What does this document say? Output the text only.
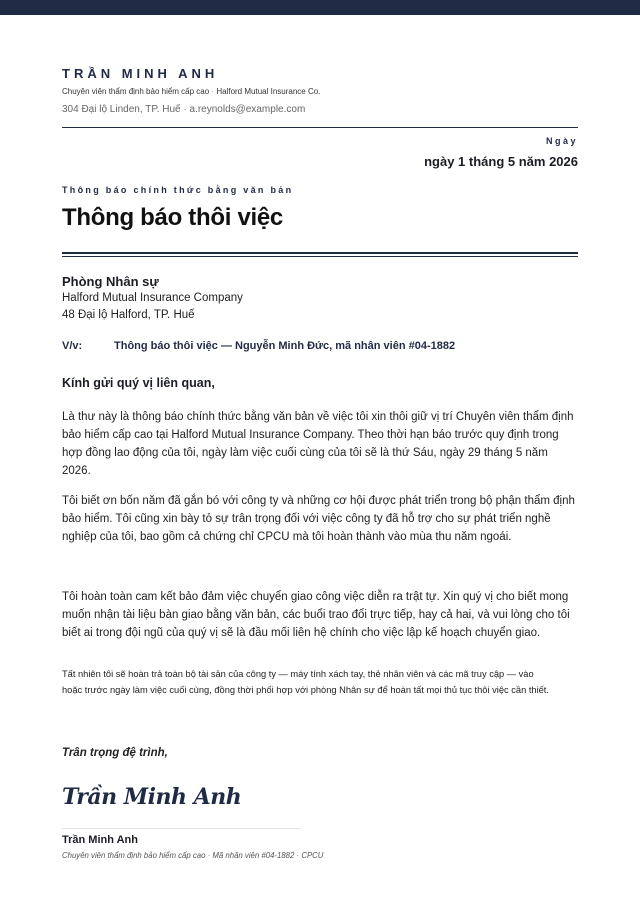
TRẦN MINH ANH
Chuyên viên thẩm định bảo hiểm cấp cao · Halford Mutual Insurance Co.
304 Đại lộ Linden, TP. Huế · a.reynolds@example.com
Ngày
ngày 1 tháng 5 năm 2026
Thông báo chính thức bằng văn bản
Thông báo thôi việc
Phòng Nhân sự
Halford Mutual Insurance Company
48 Đại lộ Halford, TP. Huế
V/v:	Thông báo thôi việc — Nguyễn Minh Đức, mã nhân viên #04-1882
Kính gửi quý vị liên quan,

Là thư này là thông báo chính thức bằng văn bản về việc tôi xin thôi giữ vị trí Chuyên viên thẩm định

bảo hiểm cấp cao tại Halford Mutual Insurance Company. Theo thời hạn báo trước quy định trong

hợp đồng lao động của tôi, ngày làm việc cuối cùng của tôi sẽ là thứ Sáu, ngày 29 tháng 5 năm

2026.

Tôi biết ơn bốn năm đã gắn bó với công ty và những cơ hội được phát triển trong bộ phận thẩm định

bảo hiểm. Tôi cũng xin bày tỏ sự trân trọng đối với việc công ty đã hỗ trợ cho sự phát triển nghề

nghiệp của tôi, bao gồm cả chứng chỉ CPCU mà tôi hoàn thành vào mùa thu năm ngoái.

Tôi hoàn toàn cam kết bảo đảm việc chuyển giao công việc diễn ra trật tự. Xin quý vị cho biết mong

muốn nhận tài liệu bàn giao bằng văn bản, các buổi trao đổi trực tiếp, hay cả hai, và vui lòng cho tôi

biết ai trong đội ngũ của quý vị sẽ là đầu mối liên hệ chính cho việc lập kế hoạch chuyển giao.

Tất nhiên tôi sẽ hoàn trả toàn bộ tài sản của công ty — máy tính xách tay, thẻ nhân viên và các mã truy cập — vào

hoặc trước ngày làm việc cuối cùng, đồng thời phối hợp với phòng Nhân sự để hoàn tất mọi thủ tục thôi việc cần thiết.

Trân trọng đệ trình,
Trần Minh Anh
Trần Minh Anh
Chuyên viên thẩm định bảo hiểm cấp cao · Mã nhân viên #04-1882 · CPCU
